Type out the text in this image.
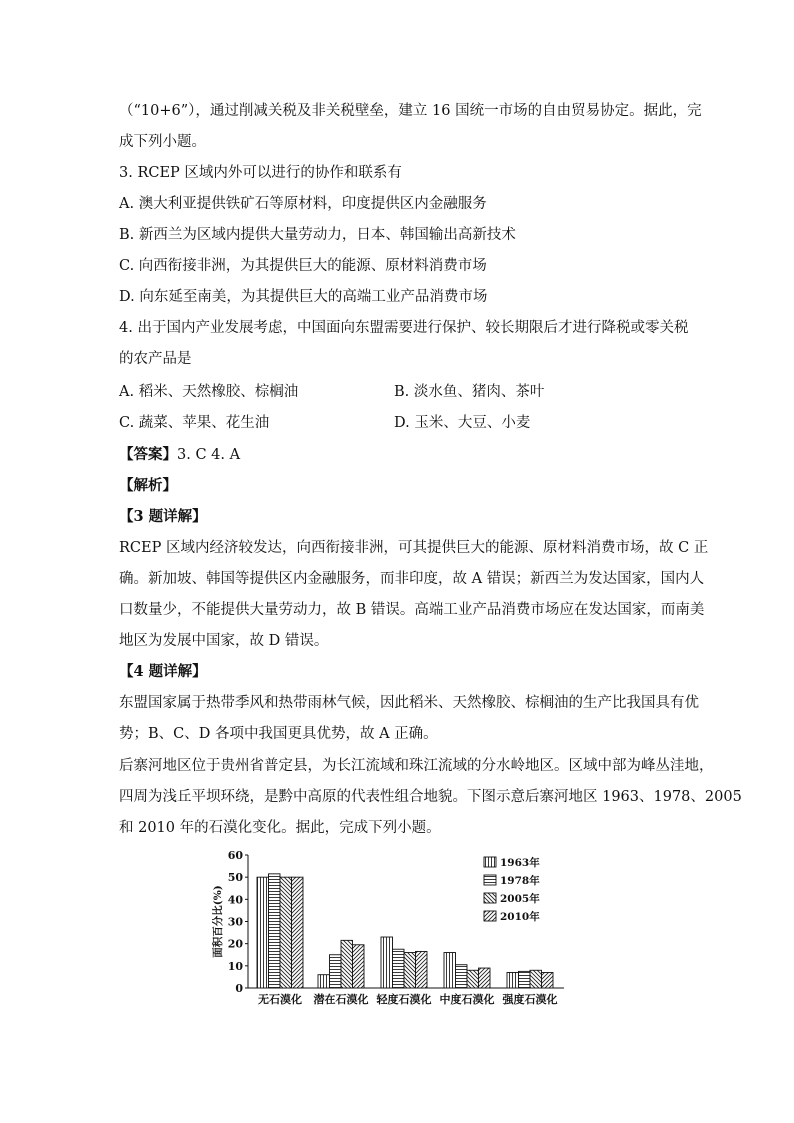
（“10+6”），通过削减关税及非关税壁垒，建立 16 国统一市场的自由贸易协定。据此，完
成下列小题。
3. RCEP 区域内外可以进行的协作和联系有
A. 澳大利亚提供铁矿石等原材料，印度提供区内金融服务
B. 新西兰为区域内提供大量劳动力，日本、韩国输出高新技术
C. 向西衔接非洲，为其提供巨大的能源、原材料消费市场
D. 向东延至南美，为其提供巨大的高端工业产品消费市场
4. 出于国内产业发展考虑，中国面向东盟需要进行保护、较长期限后才进行降税或零关税
的农产品是
A. 稻米、天然橡胶、棕榈油	B. 淡水鱼、猪肉、茶叶
C. 蔬菜、苹果、花生油	D. 玉米、大豆、小麦
【答案】3. C 4. A
【解析】
【3 题详解】
RCEP 区域内经济较发达，向西衔接非洲，可其提供巨大的能源、原材料消费市场，故 C 正
确。新加坡、韩国等提供区内金融服务，而非印度，故 A 错误；新西兰为发达国家，国内人
口数量少，不能提供大量劳动力，故 B 错误。高端工业产品消费市场应在发达国家，而南美
地区为发展中国家，故 D 错误。
【4 题详解】
东盟国家属于热带季风和热带雨林气候，因此稻米、天然橡胶、棕榈油的生产比我国具有优
势；B、C、D 各项中我国更具优势，故 A 正确。
后寨河地区位于贵州省普定县，为长江流域和珠江流域的分水岭地区。区域中部为峰丛洼地，
四周为浅丘平坝环绕，是黔中高原的代表性组合地貌。下图示意后寨河地区 1963、1978、2005
和 2010 年的石漠化变化。据此，完成下列小题。
0
10
20
30
40
50
60
面积百分比(%)
无石漠化 潜在石漠化 轻度石漠化 中度石漠化 强度石漠化
1963年
1978年
2005年
2010年
